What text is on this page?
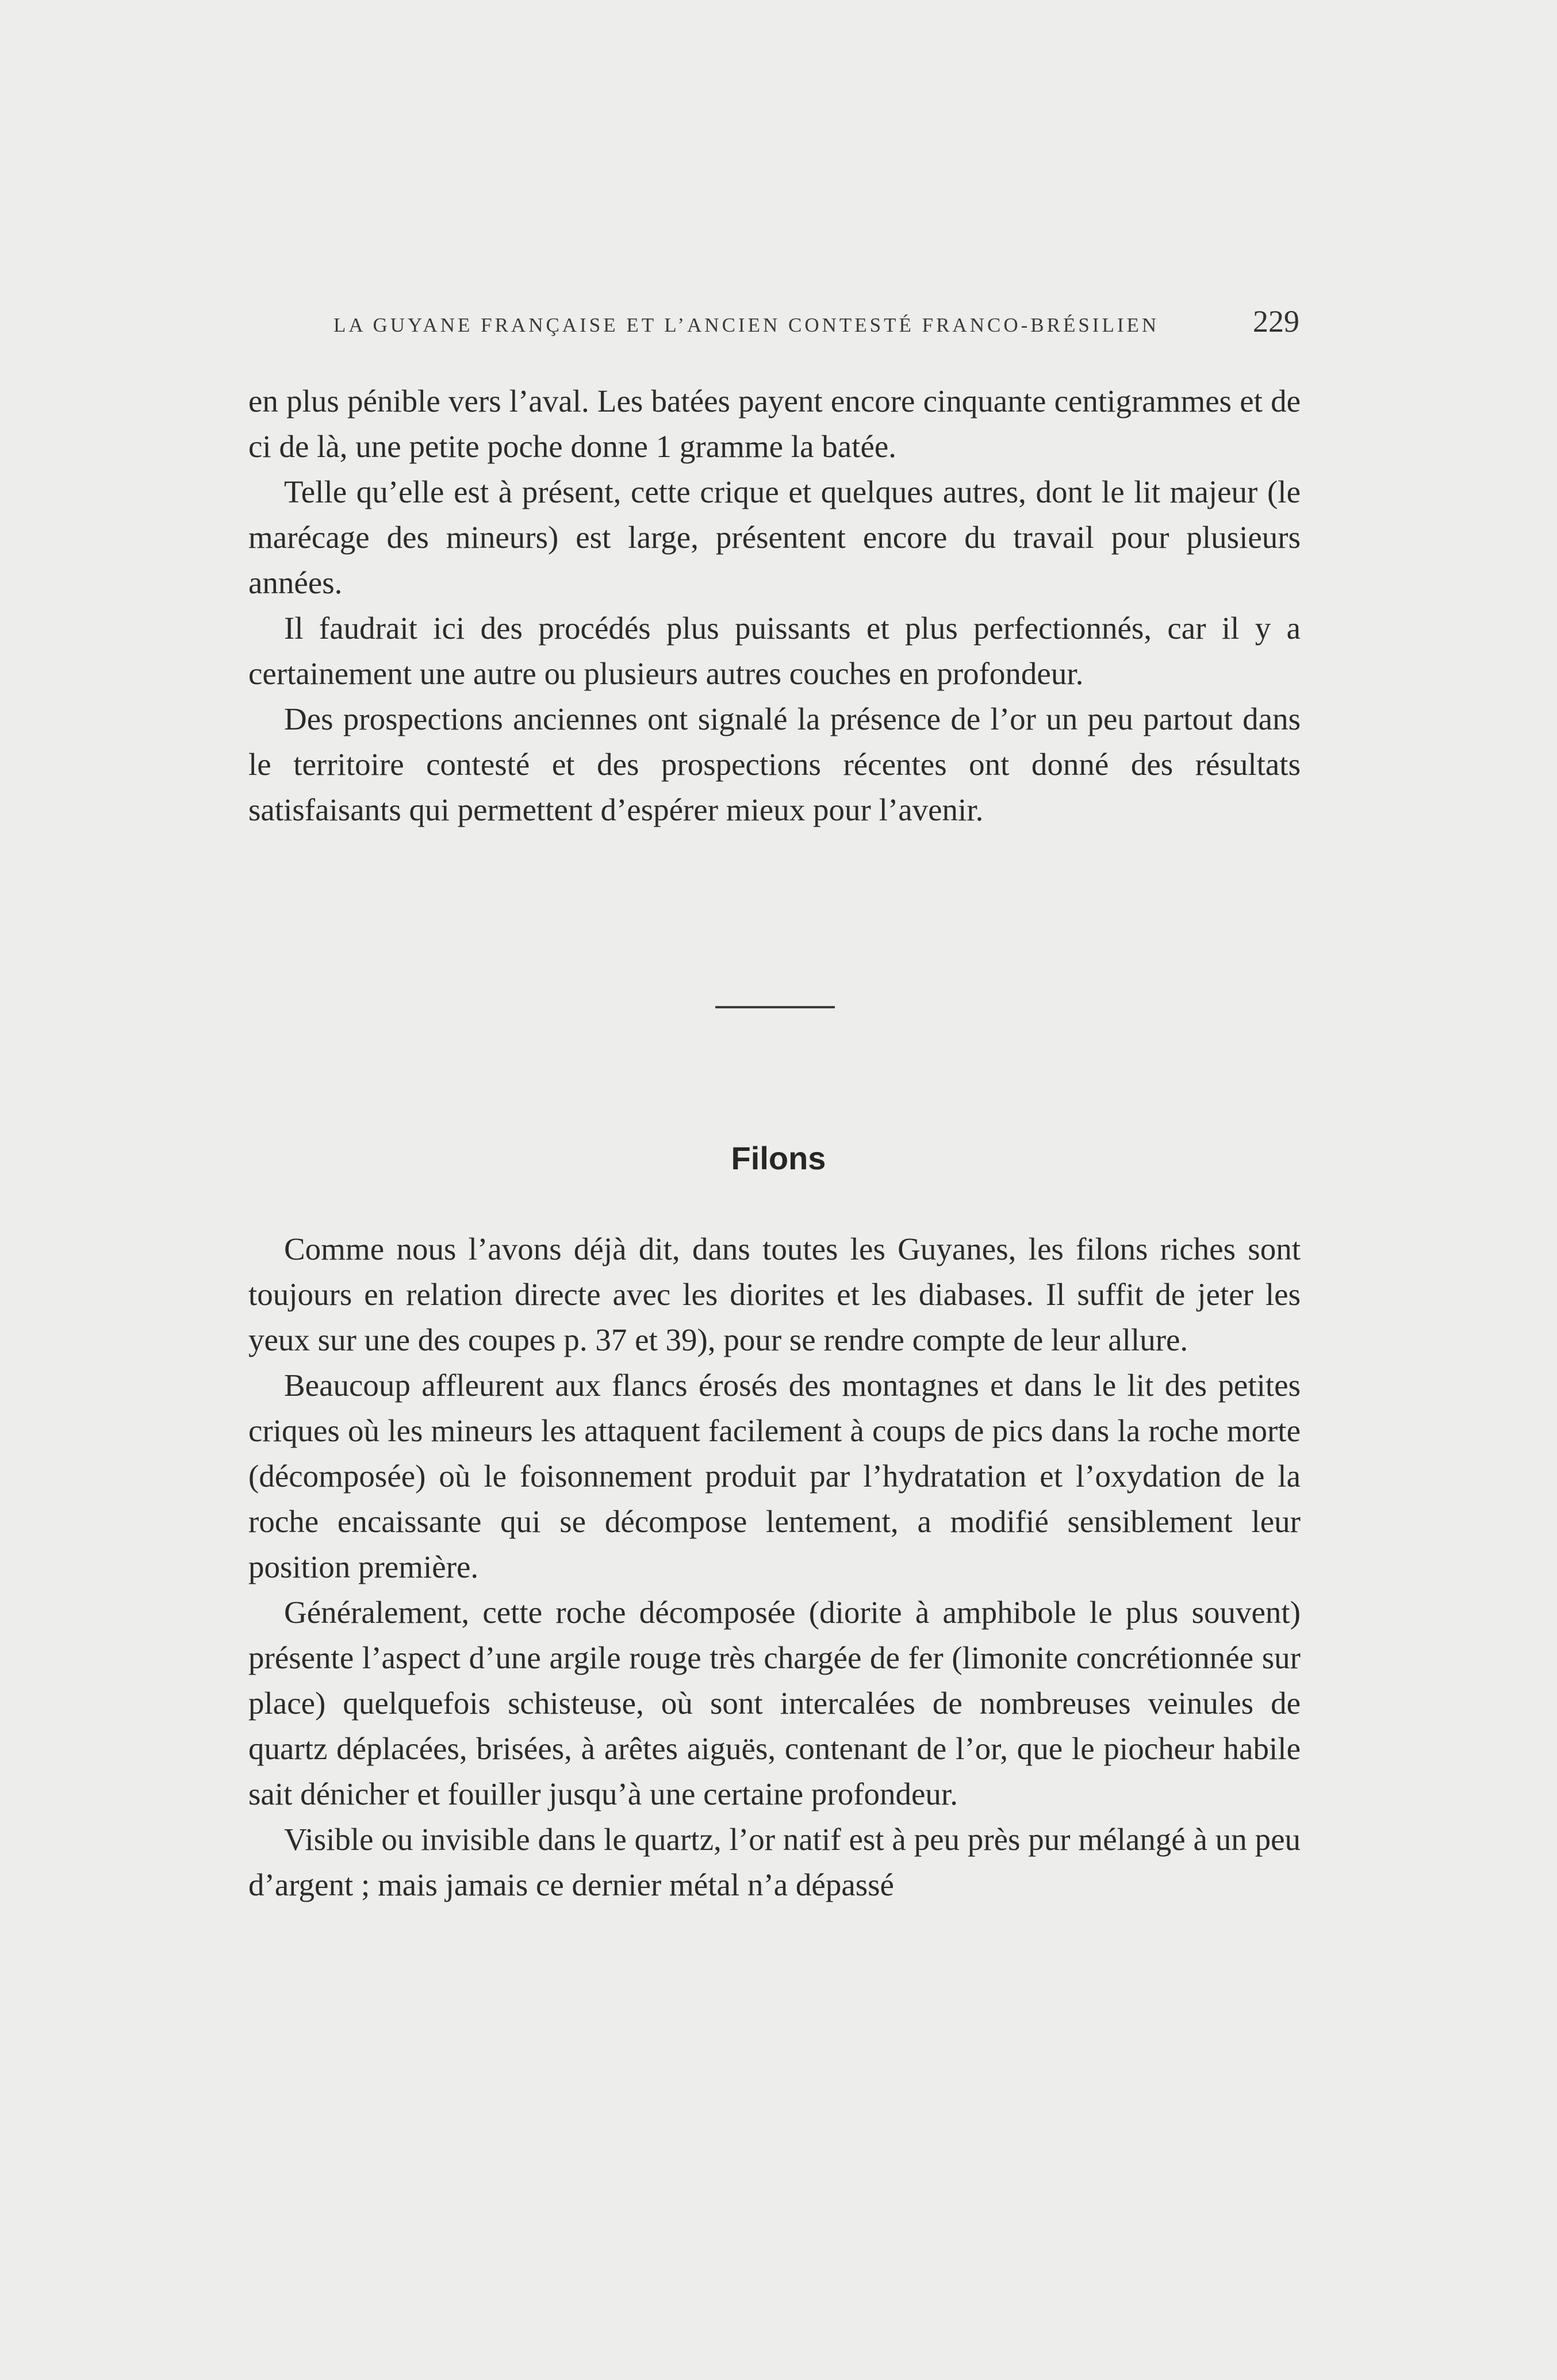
LA GUYANE FRANÇAISE ET L’ANCIEN CONTESTÉ FRANCO-BRÉSILIEN	229

en plus pénible vers l’aval. Les batées payent encore cinquante centigrammes et de ci de là, une petite poche donne 1 gramme la batée.

Telle qu’elle est à présent, cette crique et quelques autres, dont le lit majeur (le marécage des mineurs) est large, présentent encore du travail pour plusieurs années.

Il faudrait ici des procédés plus puissants et plus perfectionnés, car il y a certainement une autre ou plusieurs autres couches en profondeur.

Des prospections anciennes ont signalé la présence de l’or un peu partout dans le territoire contesté et des prospections récentes ont donné des résultats satisfaisants qui permettent d’espérer mieux pour l’avenir.

Filons

Comme nous l’avons déjà dit, dans toutes les Guyanes, les filons riches sont toujours en relation directe avec les diorites et les diabases. Il suffit de jeter les yeux sur une des coupes p. 37 et 39), pour se rendre compte de leur allure.

Beaucoup affleurent aux flancs érosés des montagnes et dans le lit des petites criques où les mineurs les attaquent facilement à coups de pics dans la roche morte (décomposée) où le foisonnement produit par l’hydratation et l’oxydation de la roche encaissante qui se décompose lentement, a modifié sensiblement leur position première.

Généralement, cette roche décomposée (diorite à amphibole le plus souvent) présente l’aspect d’une argile rouge très chargée de fer (limonite concrétionnée sur place) quelquefois schisteuse, où sont intercalées de nombreuses veinules de quartz déplacées, brisées, à arêtes aiguës, contenant de l’or, que le piocheur habile sait dénicher et fouiller jusqu’à une certaine profondeur.

Visible ou invisible dans le quartz, l’or natif est à peu près pur mélangé à un peu d’argent ; mais jamais ce dernier métal n’a dépassé
